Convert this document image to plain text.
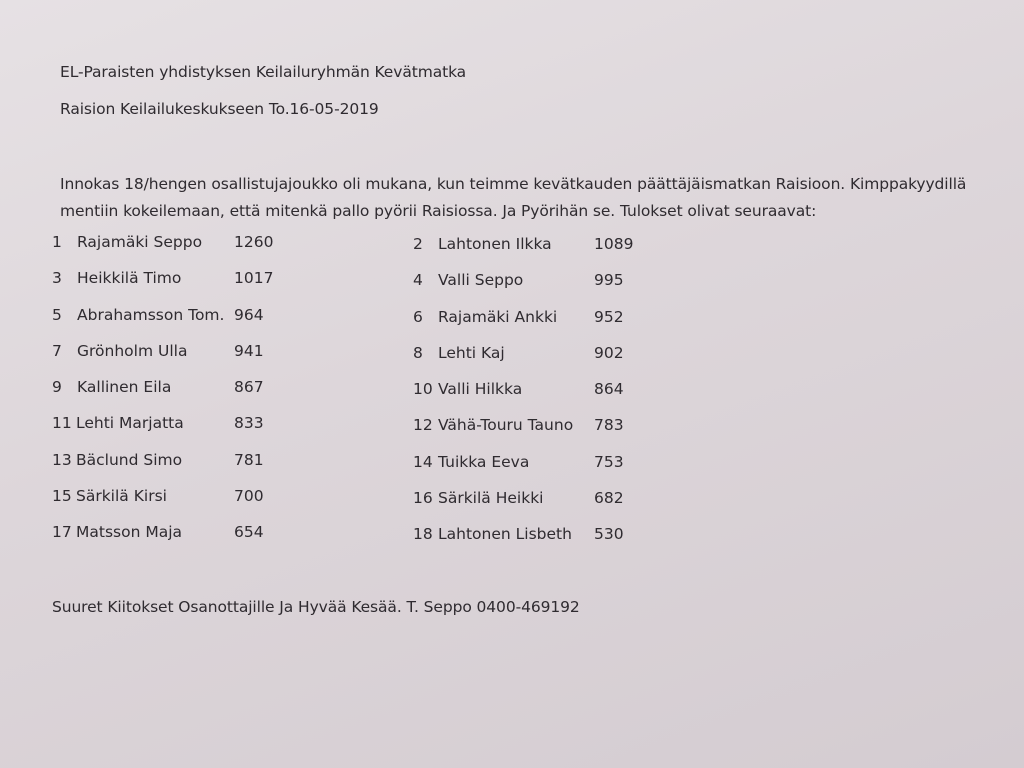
EL-Paraisten yhdistyksen Keilailuryhmän Kevätmatka
Raision Keilailukeskukseen To.16-05-2019
Innokas 18/hengen osallistujajoukko oli mukana, kun teimme kevätkauden päättäjäismatkan Raisioon. Kimppakyydillä
mentiin kokeilemaan, että mitenkä pallo pyörii Raisiossa. Ja Pyörihän se. Tulokset olivat seuraavat:
1 Rajamäki Seppo 1260
3 Heikkilä Timo	1017
5 Abrahamsson Tom. 964
7 Grönholm Ulla	941
9 Kallinen Eila	867
11 Lehti Marjatta	833
13 Bäclund Simo	781
15 Särkilä Kirsi	700
17 Matsson Maja	654
2 Lahtonen Ilkka	1089
4 Valli Seppo	995
6 Rajamäki Ankki 952
8 Lehti Kaj	902
10 Valli Hilkka	864
12 Vähä-Touru Tauno 783
14 Tuikka Eeva	753
16 Särkilä Heikki	682
18 Lahtonen Lisbeth 530
Suuret Kiitokset Osanottajille Ja Hyvää Kesää. T. Seppo 0400-469192
